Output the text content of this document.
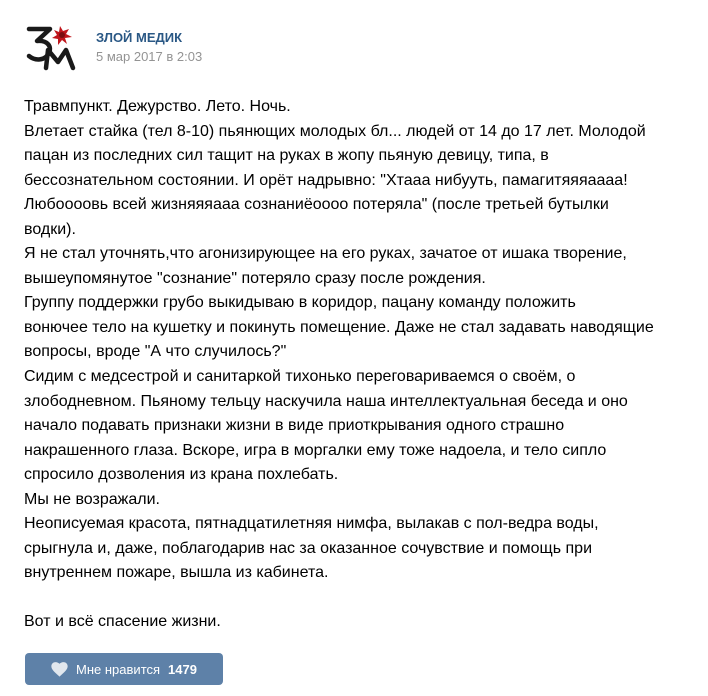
ЗЛОЙ МЕДИК
5 мар 2017 в 2:03

Травмпункт. Дежурство. Лето. Ночь.

Влетает стайка (тел 8-10) пьянющих молодых бл... людей от 14 до 17 лет. Молодой

пацан из последних сил тащит на руках в жопу пьяную девицу, типа, в

бессознательном состоянии. И орёт надрывно: "Хтааа нибууть, памагитяяяаааа!

Любоооовь всей жизняяяааа сознаниёоооо потеряла" (после третьей бутылки

водки).

Я не стал уточнять,что агонизирующее на его руках, зачатое от ишака творение,

вышеупомянутое "сознание" потеряло сразу после рождения.

Группу поддержки грубо выкидываю в коридор, пацану команду положить

вонючее тело на кушетку и покинуть помещение. Даже не стал задавать наводящие

вопросы, вроде "А что случилось?"

Сидим с медсестрой и санитаркой тихонько переговариваемся о своём, о

злободневном. Пьяному тельцу наскучила наша интеллектуальная беседа и оно

начало подавать признаки жизни в виде приоткрывания одного страшно

накрашенного глаза. Вскоре, игра в моргалки ему тоже надоела, и тело сипло

спросило дозволения из крана похлебать.

Мы не возражали.

Неописуемая красота, пятнадцатилетняя нимфа, вылакав с пол-ведра воды,

срыгнула и, даже, поблагодарив нас за оказанное сочувствие и помощь при

внутреннем пожаре, вышла из кабинета.

Вот и всё спасение жизни.

Мне нравится 1479
